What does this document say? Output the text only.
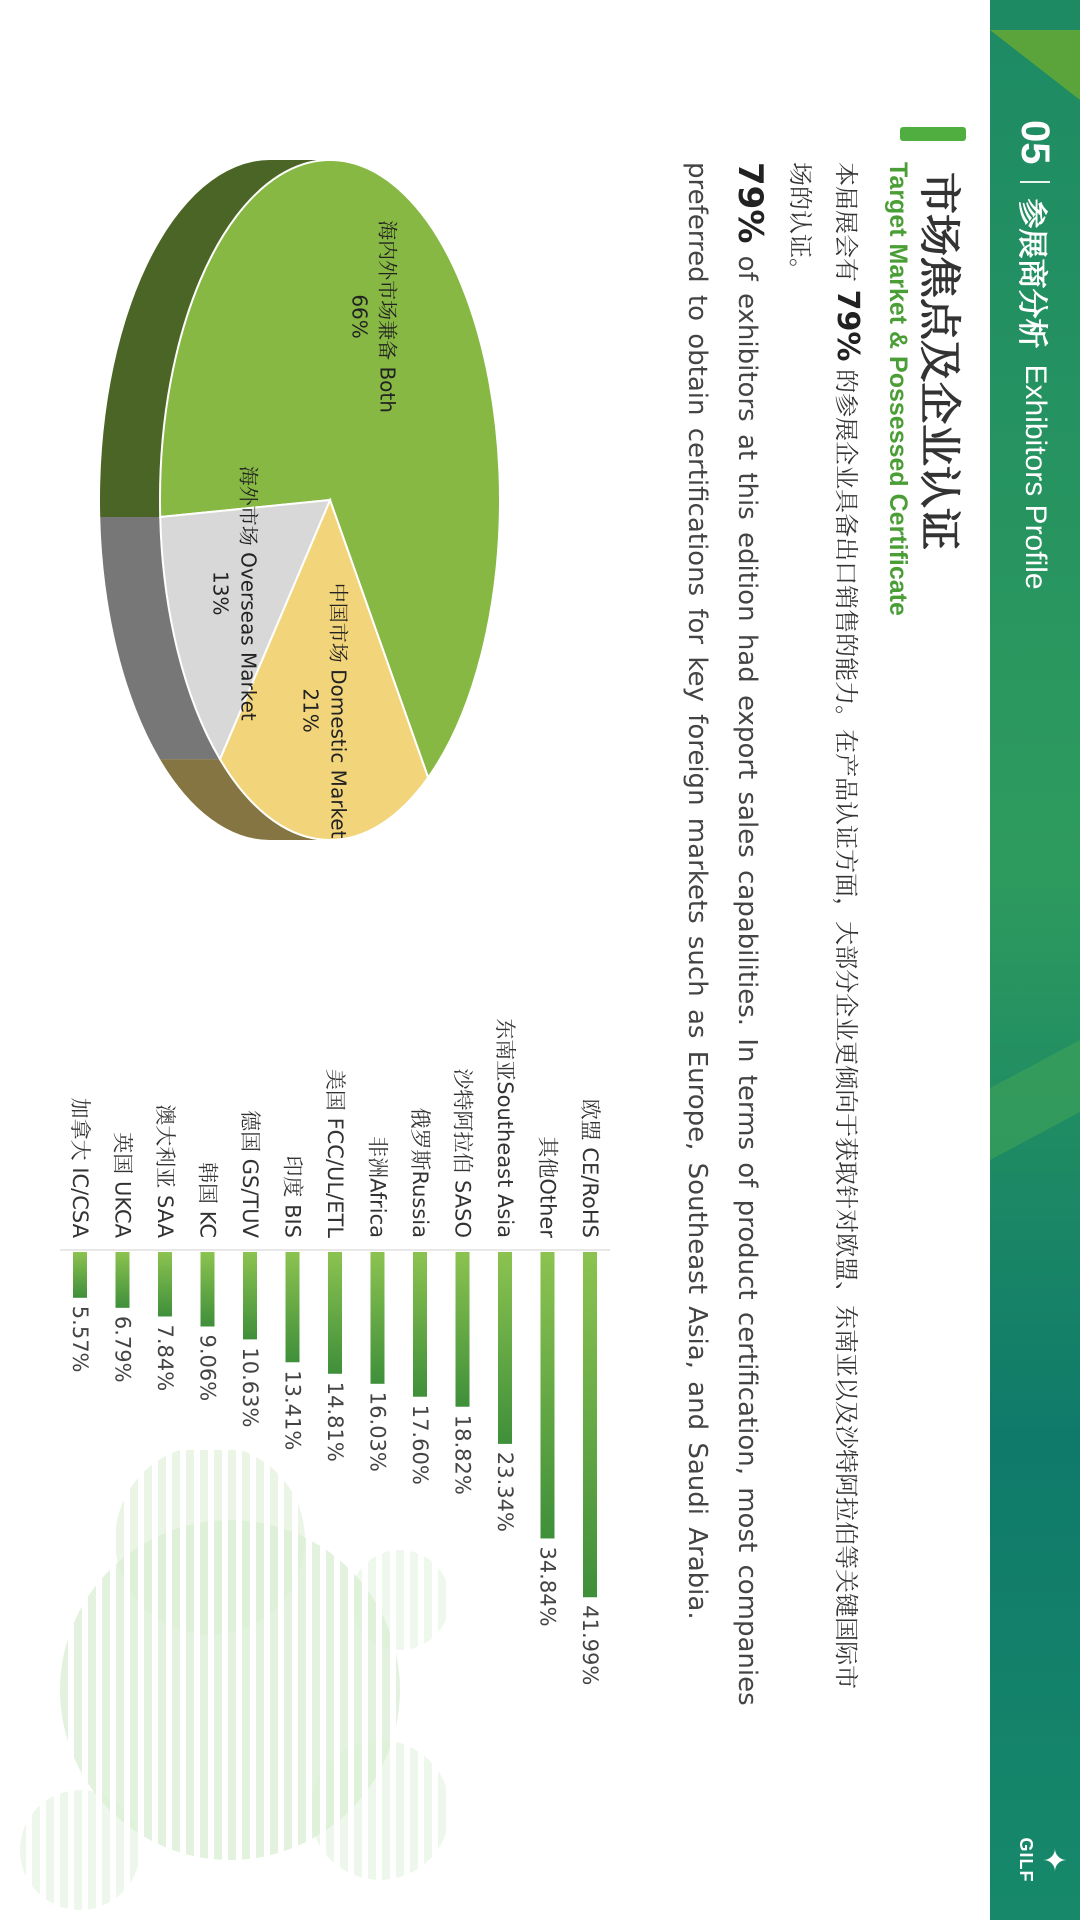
05
参展商分析
Exhibitors Profile
✦
GILF
市场焦点及企业认证
Target Market & Possessed Certificate
本届展会有 79% 的参展企业具备出口销售的能力。在产品认证方面，大部分企业更倾向于获取针对欧盟、东南亚以及沙特阿拉伯等关键国际市场的认证。
79% of exhibitors at this edition had export sales capabilities. In terms of product certification, most companies preferred to obtain certifications for key foreign markets such as Europe, Southeast Asia, and Saudi Arabia.
海内外市场兼备 Both
66%
中国市场 Domestic Market
21%
海外市场 Overseas Market
13%
欧盟 CE/RoHS
41.99%
其他Other
34.84%
东南亚Southeast Asia
23.34%
沙特阿拉伯 SASO
18.82%
俄罗斯Russia
17.60%
非洲Africa
16.03%
美国 FCC/UL/ETL
14.81%
印度 BIS
13.41%
德国 GS/TUV
10.63%
韩国 KC
9.06%
澳大利亚 SAA
7.84%
英国 UKCA
6.79%
加拿大 IC/CSA
5.57%
